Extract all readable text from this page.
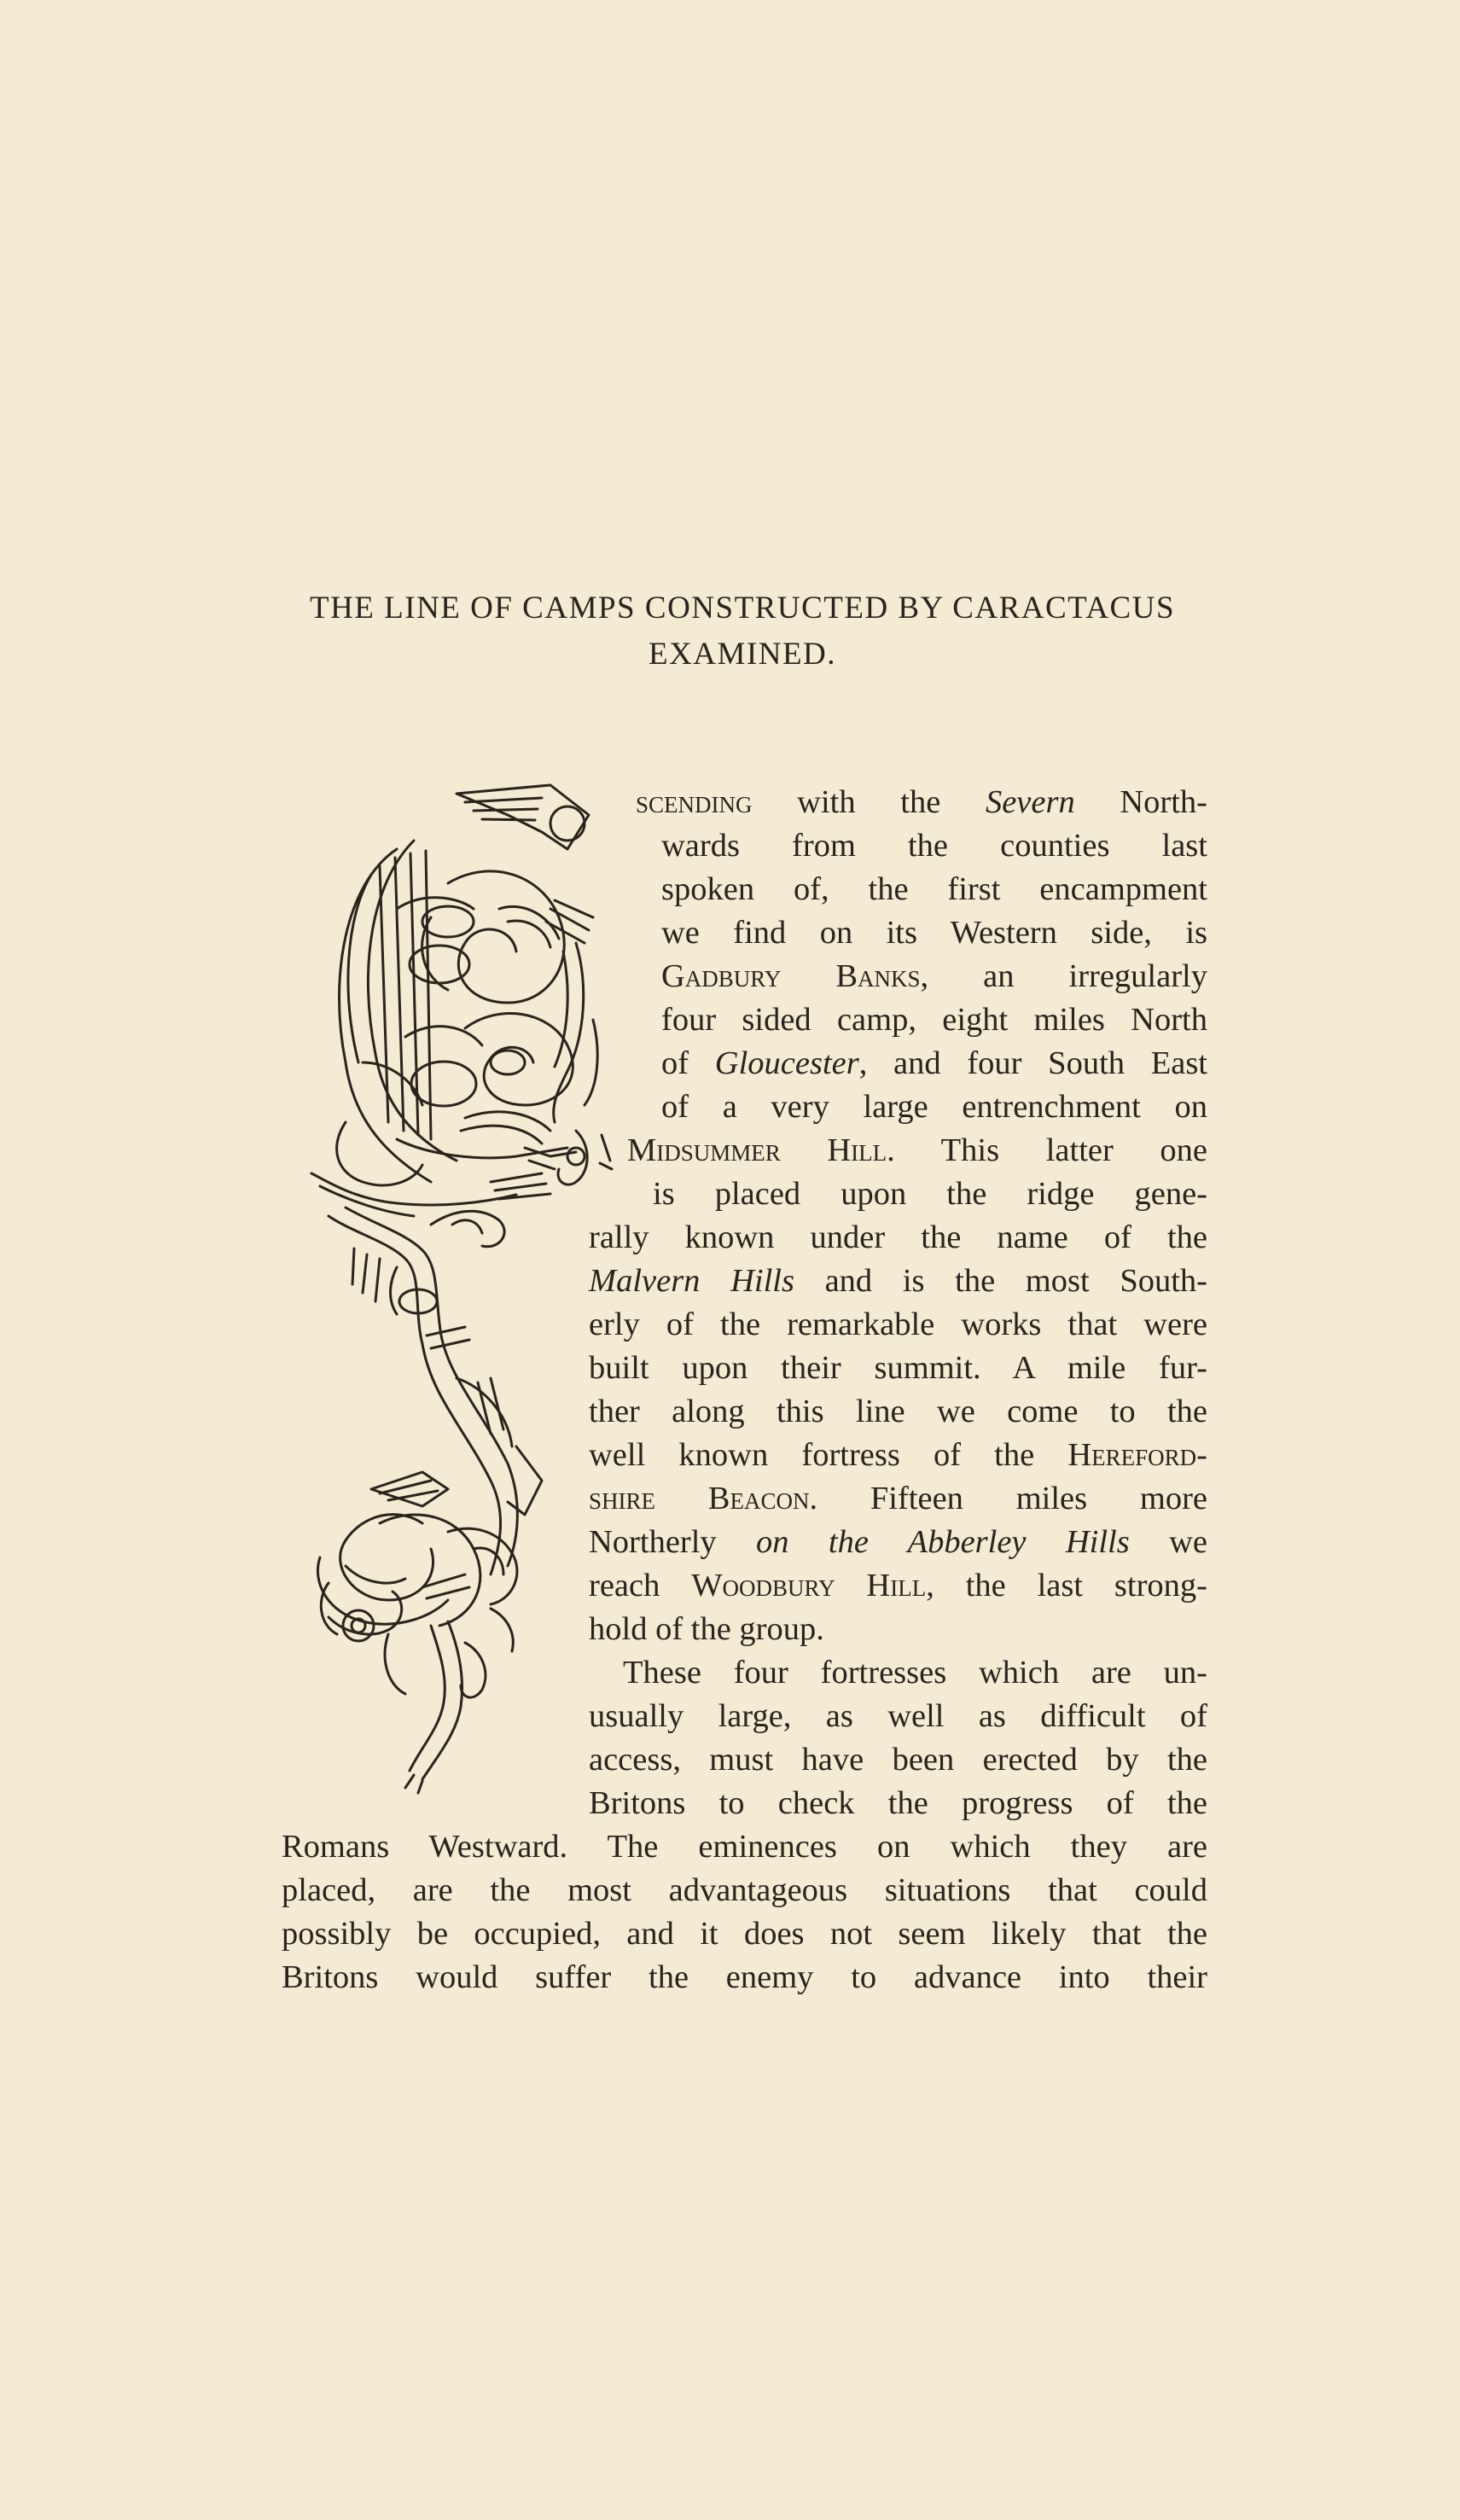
THE LINE OF CAMPS CONSTRUCTED BY CARACTACUS
EXAMINED.
scending with the Severn North-
wards from the counties last
spoken of, the first encampment
we find on its Western side, is
Gadbury Banks, an irregularly
four sided camp, eight miles North
of Gloucester, and four South East
of a very large entrenchment on
Midsummer Hill. This latter one
is placed upon the ridge gene-
rally known under the name of the
Malvern Hills and is the most South-
erly of the remarkable works that were
built upon their summit. A mile fur-
ther along this line we come to the
well known fortress of the Hereford-
shire Beacon. Fifteen miles more
Northerly on the Abberley Hills we
reach Woodbury Hill, the last strong-
hold of the group.
These four fortresses which are un-
usually large, as well as difficult of
access, must have been erected by the
Britons to check the progress of the
Romans Westward. The eminences on which they are
placed, are the most advantageous situations that could
possibly be occupied, and it does not seem likely that the
Britons would suffer the enemy to advance into their
